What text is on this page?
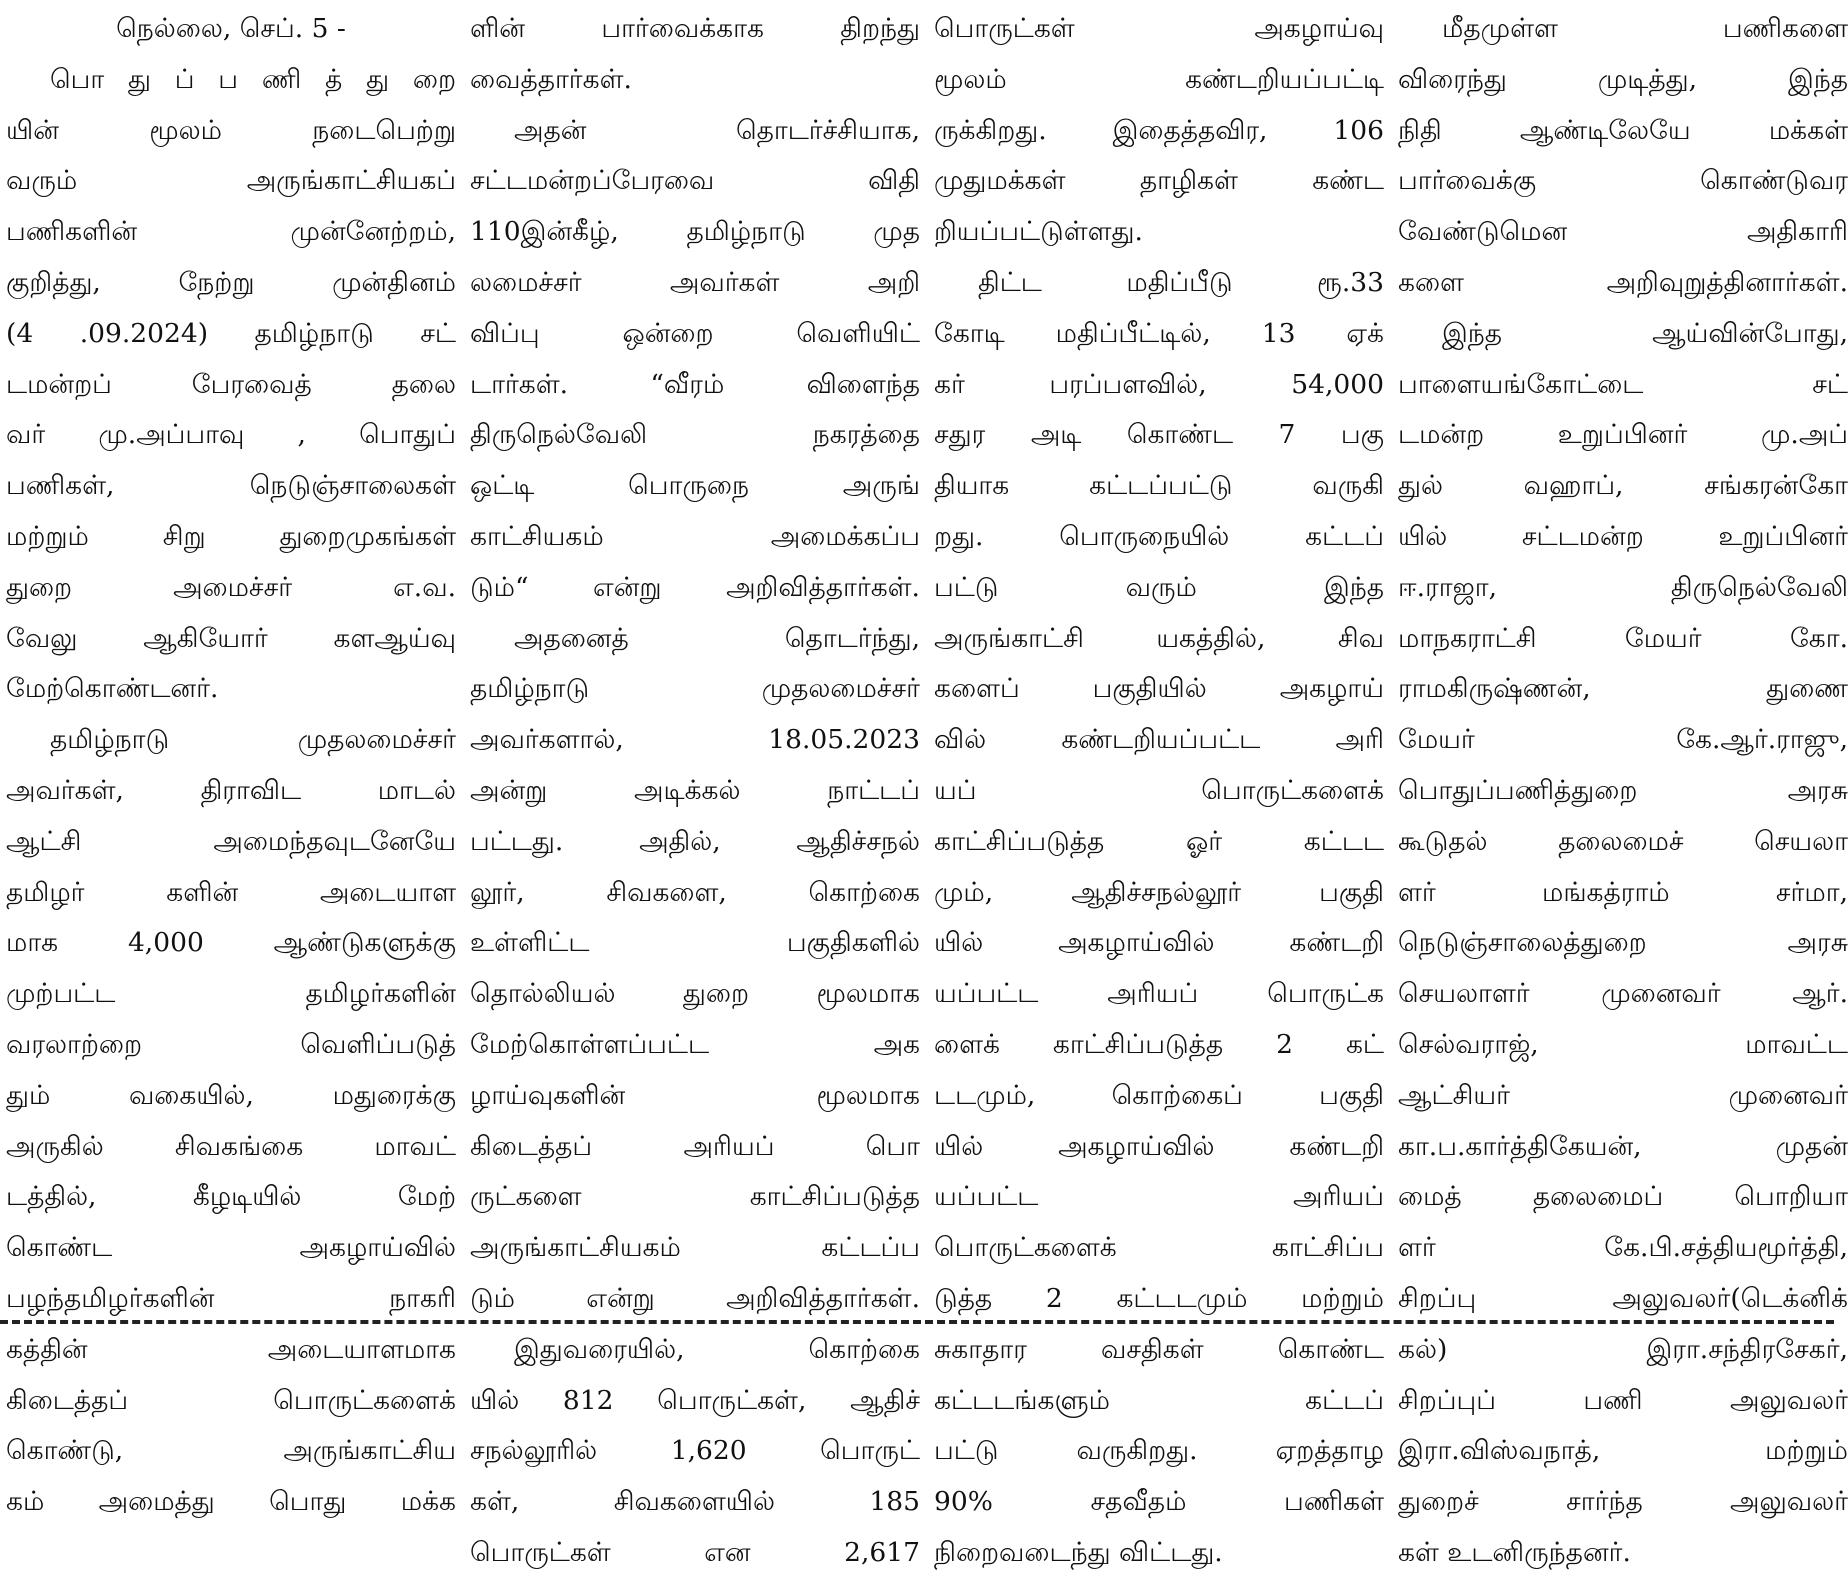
நெல்லை, செப். 5 -
பொ து ப் ப ணி த் து றை
யின் மூலம் நடைபெற்று
வரும் அருங்காட்சியகப்
பணிகளின் முன்னேற்றம்,
குறித்து, நேற்று முன்தினம்
(4 .09.2024) தமிழ்நாடு சட்
டமன்றப் பேரவைத் தலை
வர் மு.அப்பாவு , பொதுப்
பணிகள், நெடுஞ்சாலைகள்
மற்றும் சிறு துறைமுகங்கள்
துறை அமைச்சர் எ.வ.
வேலு ஆகியோர் களஆய்வு
மேற்கொண்டனர்.
தமிழ்நாடு முதலமைச்சர்
அவர்கள், திராவிட மாடல்
ஆட்சி அமைந்தவுடனேயே
தமிழர் களின் அடையாள
மாக 4,000 ஆண்டுகளுக்கு
முற்பட்ட தமிழர்களின்
வரலாற்றை வெளிப்படுத்
தும் வகையில், மதுரைக்கு
அருகில் சிவகங்கை மாவட்
டத்தில், கீழடியில் மேற்
கொண்ட அகழாய்வில்
பழந்தமிழர்களின் நாகரி
கத்தின் அடையாளமாக
கிடைத்தப் பொருட்களைக்
கொண்டு, அருங்காட்சிய
கம் அமைத்து பொது மக்க
ளின் பார்வைக்காக திறந்து
வைத்தார்கள்.
அதன் தொடர்ச்சியாக,
சட்டமன்றப்பேரவை விதி
110இன்கீழ், தமிழ்நாடு முத
லமைச்சர் அவர்கள் அறி
விப்பு ஒன்றை வெளியிட்
டார்கள். “வீரம் விளைந்த
திருநெல்வேலி நகரத்தை
ஒட்டி பொருநை அருங்
காட்சியகம் அமைக்கப்ப
டும்“ என்று அறிவித்தார்கள்.
அதனைத் தொடர்ந்து,
தமிழ்நாடு முதலமைச்சர்
அவர்களால், 18.05.2023
அன்று அடிக்கல் நாட்டப்
பட்டது. அதில், ஆதிச்சநல்
லூர், சிவகளை, கொற்கை
உள்ளிட்ட பகுதிகளில்
தொல்லியல் துறை மூலமாக
மேற்கொள்ளப்பட்ட அக
ழாய்வுகளின் மூலமாக
கிடைத்தப் அரியப் பொ
ருட்களை காட்சிப்படுத்த
அருங்காட்சியகம் கட்டப்ப
டும் என்று அறிவித்தார்கள்.
இதுவரையில், கொற்கை
யில் 812 பொருட்கள், ஆதிச்
சநல்லூரில் 1,620 பொருட்
கள், சிவகளையில் 185
பொருட்கள் என 2,617
பொருட்கள் அகழாய்வு
மூலம் கண்டறியப்பட்டி
ருக்கிறது. இதைத்தவிர, 106
முதுமக்கள் தாழிகள் கண்ட
றியப்பட்டுள்ளது.
திட்ட மதிப்பீடு ரூ.33
கோடி மதிப்பீட்டில், 13 ஏக்
கர் பரப்பளவில், 54,000
சதுர அடி கொண்ட 7 பகு
தியாக கட்டப்பட்டு வருகி
றது. பொருநையில் கட்டப்
பட்டு வரும் இந்த
அருங்காட்சி யகத்தில், சிவ
களைப் பகுதியில் அகழாய்
வில் கண்டறியப்பட்ட அரி
யப் பொருட்களைக்
காட்சிப்படுத்த ஓர் கட்டட
மும், ஆதிச்சநல்லூர் பகுதி
யில் அகழாய்வில் கண்டறி
யப்பட்ட அரியப் பொருட்க
ளைக் காட்சிப்படுத்த 2 கட்
டடமும், கொற்கைப் பகுதி
யில் அகழாய்வில் கண்டறி
யப்பட்ட அரியப்
பொருட்களைக் காட்சிப்ப
டுத்த 2 கட்டடமும் மற்றும்
சுகாதார வசதிகள் கொண்ட
கட்டடங்களும் கட்டப்
பட்டு வருகிறது. ஏறத்தாழ
90% சதவீதம் பணிகள்
நிறைவடைந்து விட்டது.
மீதமுள்ள பணிகளை
விரைந்து முடித்து, இந்த
நிதி ஆண்டிலேயே மக்கள்
பார்வைக்கு கொண்டுவர
வேண்டுமென அதிகாரி
களை அறிவுறுத்தினார்கள்.
இந்த ஆய்வின்போது,
பாளையங்கோட்டை சட்
டமன்ற உறுப்பினர் மு.அப்
துல் வஹாப், சங்கரன்கோ
யில் சட்டமன்ற உறுப்பினர்
ஈ.ராஜா, திருநெல்வேலி
மாநகராட்சி மேயர் கோ.
ராமகிருஷ்ணன், துணை
மேயர் கே.ஆர்.ராஜு,
பொதுப்பணித்துறை அரசு
கூடுதல் தலைமைச் செயலா
ளர் மங்கத்ராம் சர்மா,
நெடுஞ்சாலைத்துறை அரசு
செயலாளர் முனைவர் ஆர்.
செல்வராஜ், மாவட்ட
ஆட்சியர் முனைவர்
கா.ப.கார்த்திகேயன், முதன்
மைத் தலைமைப் பொறியா
ளர் கே.பி.சத்தியமூர்த்தி,
சிறப்பு அலுவலர்(டெக்னிக்
கல்) இரா.சந்திரசேகர்,
சிறப்புப் பணி அலுவலர்
இரா.விஸ்வநாத், மற்றும்
துறைச் சார்ந்த அலுவலர்
கள் உடனிருந்தனர்.
